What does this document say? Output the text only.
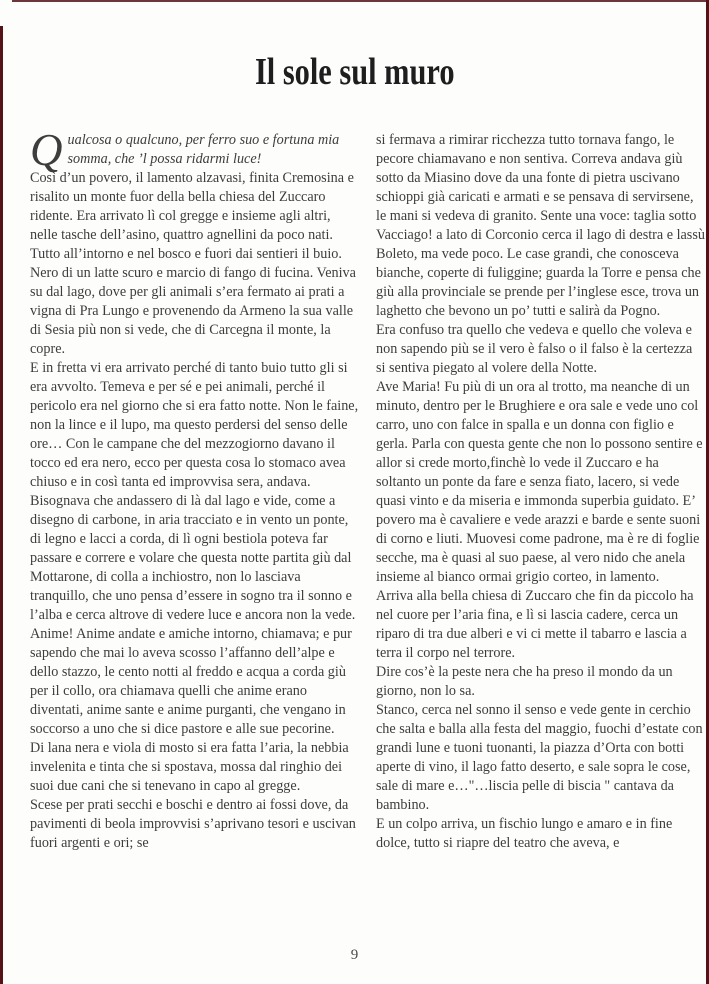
Il sole sul muro

Qualcosa o qualcuno, per ferro suo e fortuna mia somma, che ’l possa ridarmi luce!

Così d’un povero, il lamento alzavasi, finita Cremosina e risalito un monte fuor della bella chiesa del Zuccaro ridente. Era arrivato lì col gregge e insieme agli altri, nelle tasche dell’asino, quattro agnellini da poco nati.

Tutto all’intorno e nel bosco e fuori dai sentieri il buio. Nero di un latte scuro e marcio di fango di fucina. Veniva su dal lago, dove per gli animali s’era fermato ai prati a vigna di Pra Lungo e provenendo da Armeno la sua valle di Sesia più non si vede, che di Carcegna il monte, la copre.

E in fretta vi era arrivato perché di tanto buio tutto gli si era avvolto. Temeva e per sé e pei animali, perché il pericolo era nel giorno che si era fatto notte. Non le faine, non la lince e il lupo, ma questo perdersi del senso delle ore… Con le campane che del mezzogiorno davano il tocco ed era nero, ecco per questa cosa lo stomaco avea chiuso e in così tanta ed improvvisa sera, andava.

Bisognava che andassero di là dal lago e vide, come a disegno di carbone, in aria tracciato e in vento un ponte, di legno e lacci a corda, di lì ogni bestiola poteva far passare e correre e volare che questa notte partita giù dal Mottarone, di colla a inchiostro, non lo lasciava tranquillo, che uno pensa d’essere in sogno tra il sonno e l’alba e cerca altrove di vedere luce e ancora non la vede.

Anime! Anime andate e amiche intorno, chiamava; e pur sapendo che mai lo aveva scosso l’affanno dell’alpe e dello stazzo, le cento notti al freddo e acqua a corda giù per il collo, ora chiamava quelli che anime erano diventati, anime sante e anime purganti, che vengano in soccorso a uno che si dice pastore e alle sue pecorine.

Di lana nera e viola di mosto si era fatta l’aria, la nebbia invelenita e tinta che si spostava, mossa dal ringhio dei suoi due cani che si tenevano in capo al gregge.

Scese per prati secchi e boschi e dentro ai fossi dove, da pavimenti di beola improvvisi s’aprivano tesori e uscivan fuori argenti e ori; se

si fermava a rimirar ricchezza tutto tornava fango, le pecore chiamavano e non sentiva. Correva andava giù sotto da Miasino dove da una fonte di pietra uscivano schioppi già caricati e armati e se pensava di servirsene, le mani si vedeva di granito. Sente una voce: taglia sotto Vacciago! a lato di Corconio cerca il lago di destra e lassù Boleto, ma vede poco. Le case grandi, che conosceva bianche, coperte di fuliggine; guarda la Torre e pensa che giù alla provinciale se prende per l’inglese esce, trova un laghetto che bevono un po’ tutti e salirà da Pogno.

Era confuso tra quello che vedeva e quello che voleva e non sapendo più se il vero è falso o il falso è la certezza si sentiva piegato al volere della Notte.

Ave Maria! Fu più di un ora al trotto, ma neanche di un minuto, dentro per le Brughiere e ora sale e vede uno col carro, uno con falce in spalla e un donna con figlio e gerla. Parla con questa gente che non lo possono sentire e allor si crede morto,finchè lo vede il Zuccaro e ha soltanto un ponte da fare e senza fiato, lacero, si vede quasi vinto e da miseria e immonda superbia guidato. E’ povero ma è cavaliere e vede arazzi e barde e sente suoni di corno e liuti. Muovesi come padrone, ma è re di foglie secche, ma è quasi al suo paese, al vero nido che anela insieme al bianco ormai grigio corteo, in lamento.

Arriva alla bella chiesa di Zuccaro che fin da piccolo ha nel cuore per l’aria fina, e lì si lascia cadere, cerca un riparo di tra due alberi e vi ci mette il tabarro e lascia a terra il corpo nel terrore.

Dire cos’è la peste nera che ha preso il mondo da un giorno, non lo sa.

Stanco, cerca nel sonno il senso e vede gente in cerchio che salta e balla alla festa del maggio, fuochi d’estate con grandi lune e tuoni tuonanti, la piazza d’Orta con botti aperte di vino, il lago fatto deserto, e sale sopra le cose, sale di mare e…"…liscia pelle di biscia " cantava da bambino.

E un colpo arriva, un fischio lungo e amaro e in fine dolce, tutto si riapre del teatro che aveva, e

9
